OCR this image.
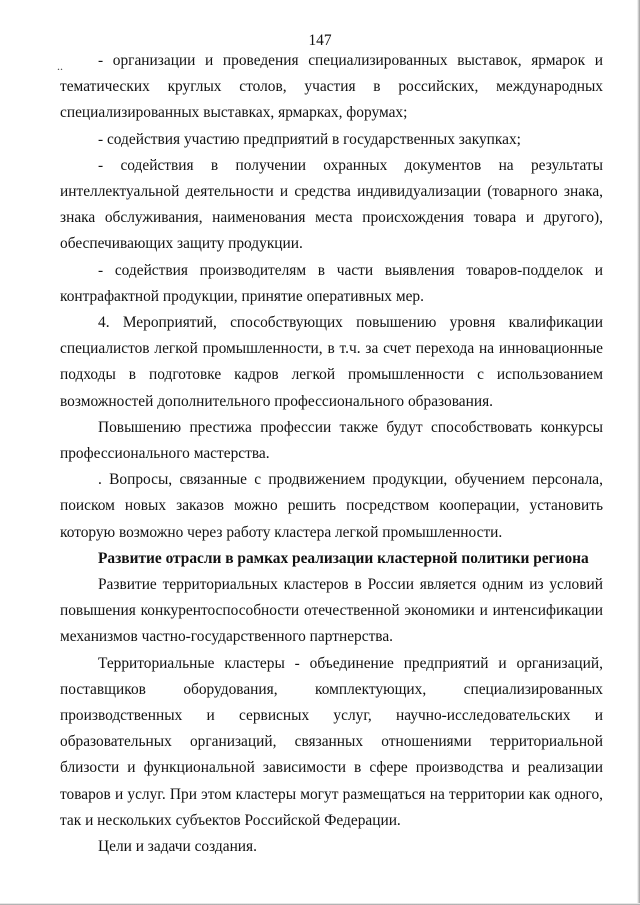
147
..	- организации и проведения специализированных выставок, ярмарок и тематических круглых столов, участия в российских, международных специализированных выставках, ярмарках, форумах;

- содействия участию предприятий в государственных закупках;

- содействия в получении охранных документов на результаты интеллектуальной деятельности и средства индивидуализации (товарного знака, знака обслуживания, наименования места происхождения товара и другого), обеспечивающих защиту продукции.

- содействия производителям в части выявления товаров-подделок и контрафактной продукции, принятие оперативных мер.

4. Мероприятий, способствующих повышению уровня квалификации специалистов легкой промышленности, в т.ч. за счет перехода на инновационные подходы в подготовке кадров легкой промышленности с использованием возможностей дополнительного профессионального образования.

Повышению престижа профессии также будут способствовать конкурсы профессионального мастерства.

. Вопросы, связанные с продвижением продукции, обучением персонала, поиском новых заказов можно решить посредством кооперации, установить которую возможно через работу кластера легкой промышленности.

Развитие отрасли в рамках реализации кластерной политики региона

Развитие территориальных кластеров в России является одним из условий повышения конкурентоспособности отечественной экономики и интенсификации механизмов частно-государственного партнерства.

Территориальные кластеры - объединение предприятий и организаций, поставщиков оборудования, комплектующих, специализированных производственных и сервисных услуг, научно-исследовательских и образовательных организаций, связанных отношениями территориальной близости и функциональной зависимости в сфере производства и реализации товаров и услуг. При этом кластеры могут размещаться на территории как одного, так и нескольких субъектов Российской Федерации.

Цели и задачи создания.
